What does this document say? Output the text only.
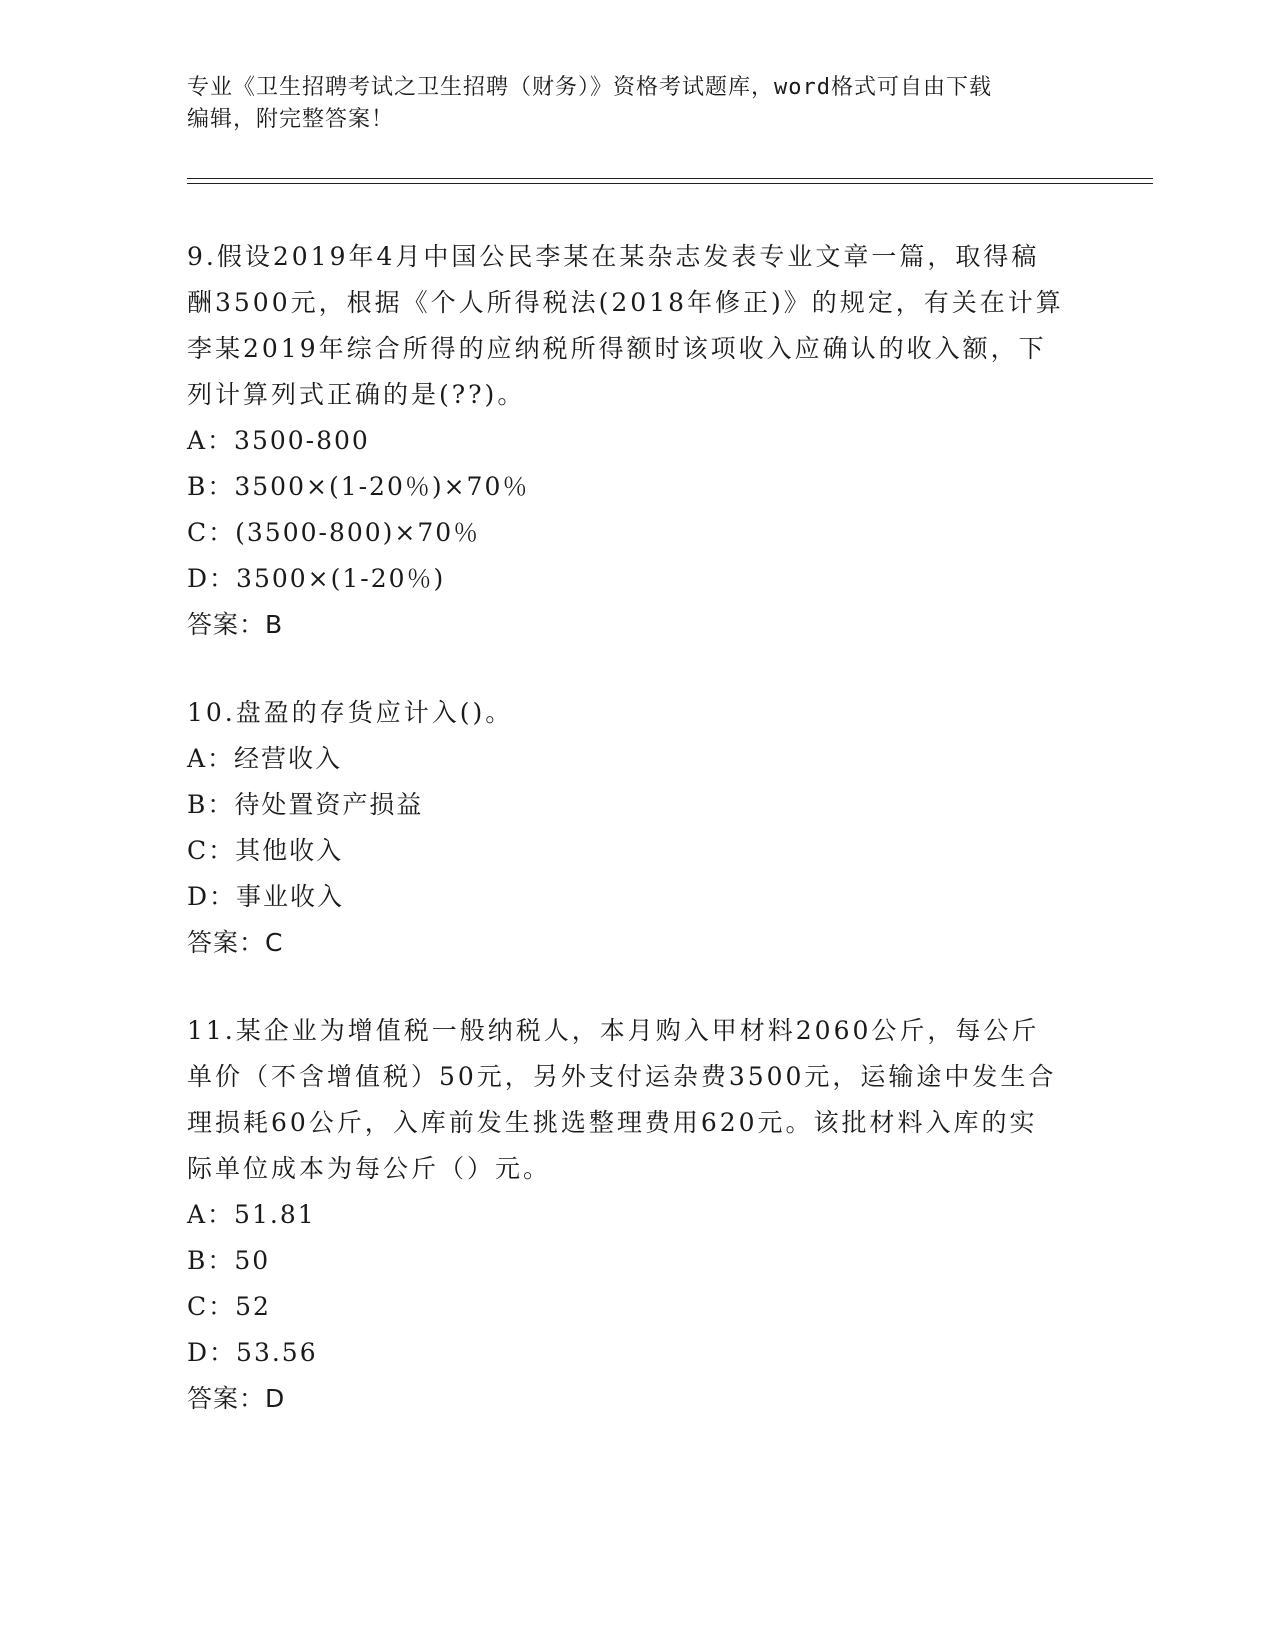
专业《卫生招聘考试之卫生招聘（财务）》资格考试题库，word格式可自由下载
编辑，附完整答案！
9.假设2019年4月中国公民李某在某杂志发表专业文章一篇，取得稿
酬3500元，根据《个人所得税法(2018年修正)》的规定，有关在计算
李某2019年综合所得的应纳税所得额时该项收入应确认的收入额，下
列计算列式正确的是(??)。
A：3500-800
B：3500×(1-20％)×70％
C：(3500-800)×70％
D：3500×(1-20％)
答案：B
10.盘盈的存货应计入()。
A：经营收入
B：待处置资产损益
C：其他收入
D：事业收入
答案：C
11.某企业为增值税一般纳税人，本月购入甲材料2060公斤，每公斤
单价（不含增值税）50元，另外支付运杂费3500元，运输途中发生合
理损耗60公斤，入库前发生挑选整理费用620元。该批材料入库的实
际单位成本为每公斤（）元。
A：51.81
B：50
C：52
D：53.56
答案：D
